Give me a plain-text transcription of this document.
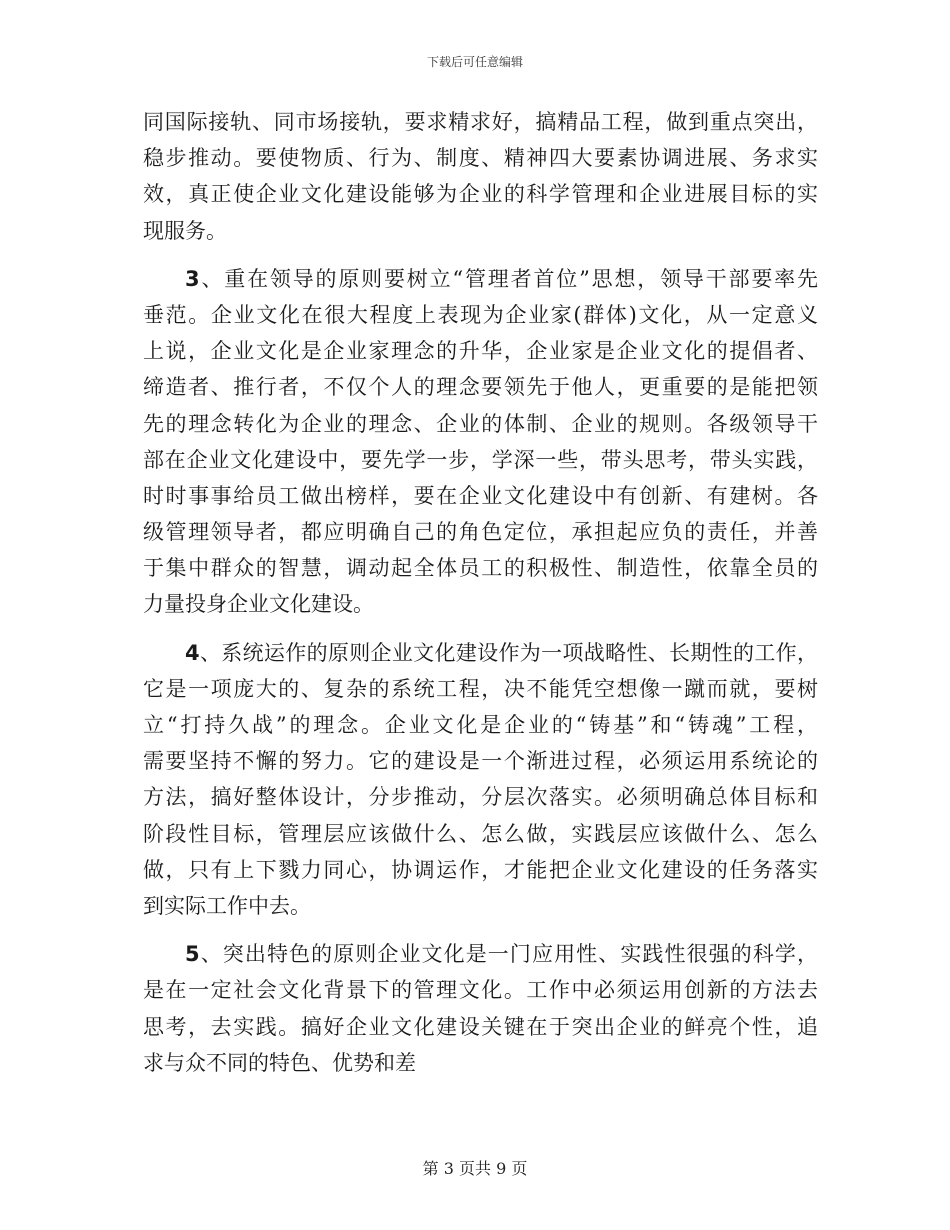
下载后可任意编辑
同国际接轨、同市场接轨，要求精求好，搞精品工程，做到重点突出，
稳步推动。要使物质、行为、制度、精神四大要素协调进展、务求实
效，真正使企业文化建设能够为企业的科学管理和企业进展目标的实
现服务。
3、重在领导的原则要树立“管理者首位”思想，领导干部要率先
垂范。企业文化在很大程度上表现为企业家(群体)文化，从一定意义
上说，企业文化是企业家理念的升华，企业家是企业文化的提倡者、
缔造者、推行者，不仅个人的理念要领先于他人，更重要的是能把领
先的理念转化为企业的理念、企业的体制、企业的规则。各级领导干
部在企业文化建设中，要先学一步，学深一些，带头思考，带头实践，
时时事事给员工做出榜样，要在企业文化建设中有创新、有建树。各
级管理领导者，都应明确自己的角色定位，承担起应负的责任，并善
于集中群众的智慧，调动起全体员工的积极性、制造性，依靠全员的
力量投身企业文化建设。
4、系统运作的原则企业文化建设作为一项战略性、长期性的工作，
它是一项庞大的、复杂的系统工程，决不能凭空想像一蹴而就，要树
立“打持久战”的理念。企业文化是企业的“铸基”和“铸魂”工程，
需要坚持不懈的努力。它的建设是一个渐进过程，必须运用系统论的
方法，搞好整体设计，分步推动，分层次落实。必须明确总体目标和
阶段性目标，管理层应该做什么、怎么做，实践层应该做什么、怎么
做，只有上下戮力同心，协调运作，才能把企业文化建设的任务落实
到实际工作中去。
5、突出特色的原则企业文化是一门应用性、实践性很强的科学，
是在一定社会文化背景下的管理文化。工作中必须运用创新的方法去
思考，去实践。搞好企业文化建设关键在于突出企业的鲜亮个性，追
求与众不同的特色、优势和差
第 3 页共 9 页
